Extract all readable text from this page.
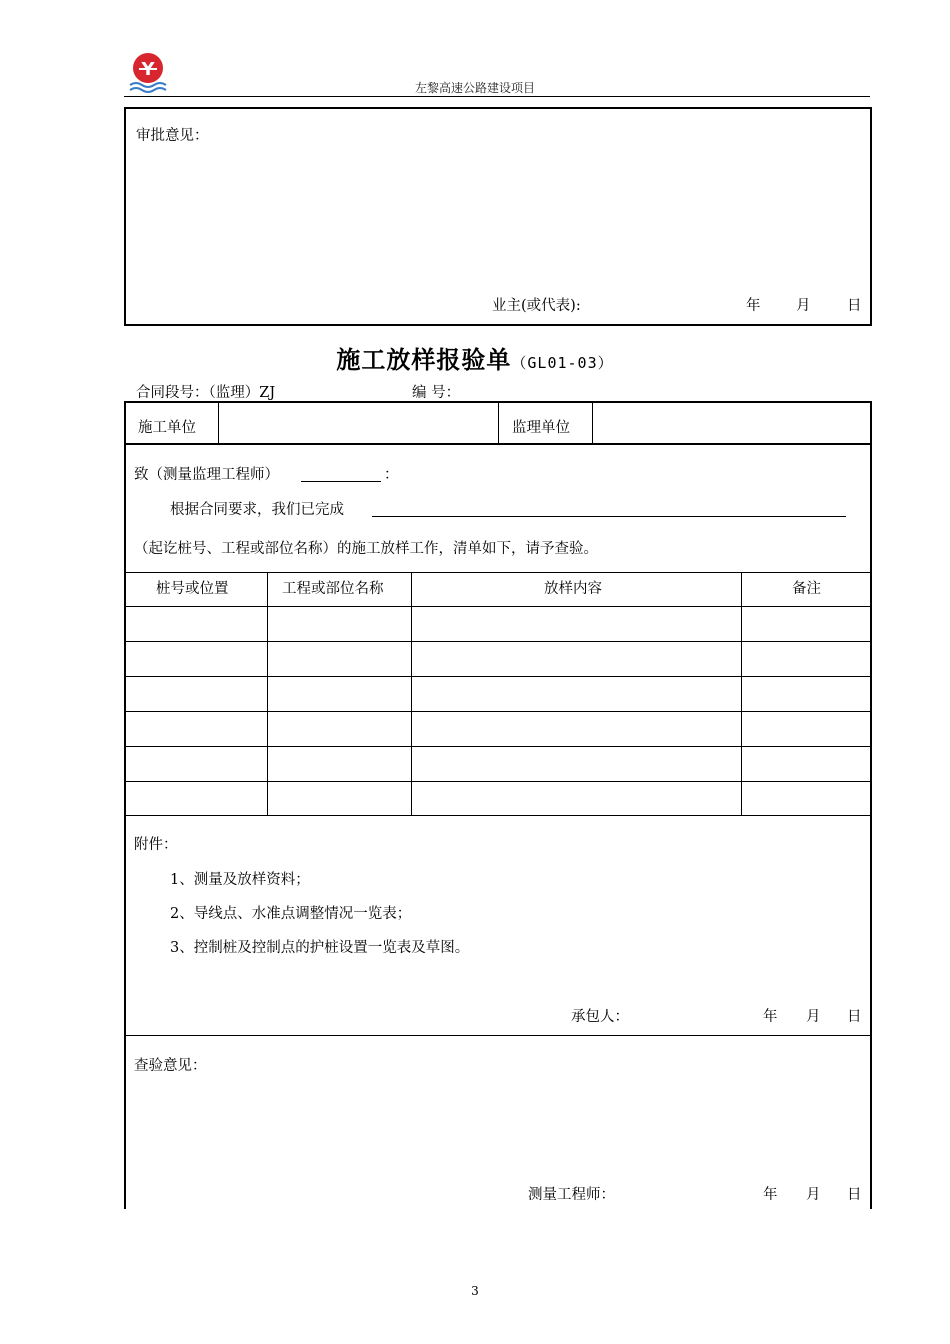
Y
左黎高速公路建设项目
审批意见：
业主(或代表):	年 月	日
施工放样报验单（GL01-03）
合同段号：（监理）ZJ	编 号：
施工单位	监理单位
致（测量监理工程师）	：
根据合同要求，我们已完成
（起讫桩号、工程或部位名称）的施工放样工作，清单如下，请予查验。
桩号或位置	工程或部位名称	放样内容	备注
附件：
1、测量及放样资料；
2、导线点、水准点调整情况一览表；
3、控制桩及控制点的护桩设置一览表及草图。
承包人：	年 月 日
查验意见：
测量工程师：	年 月 日
3
